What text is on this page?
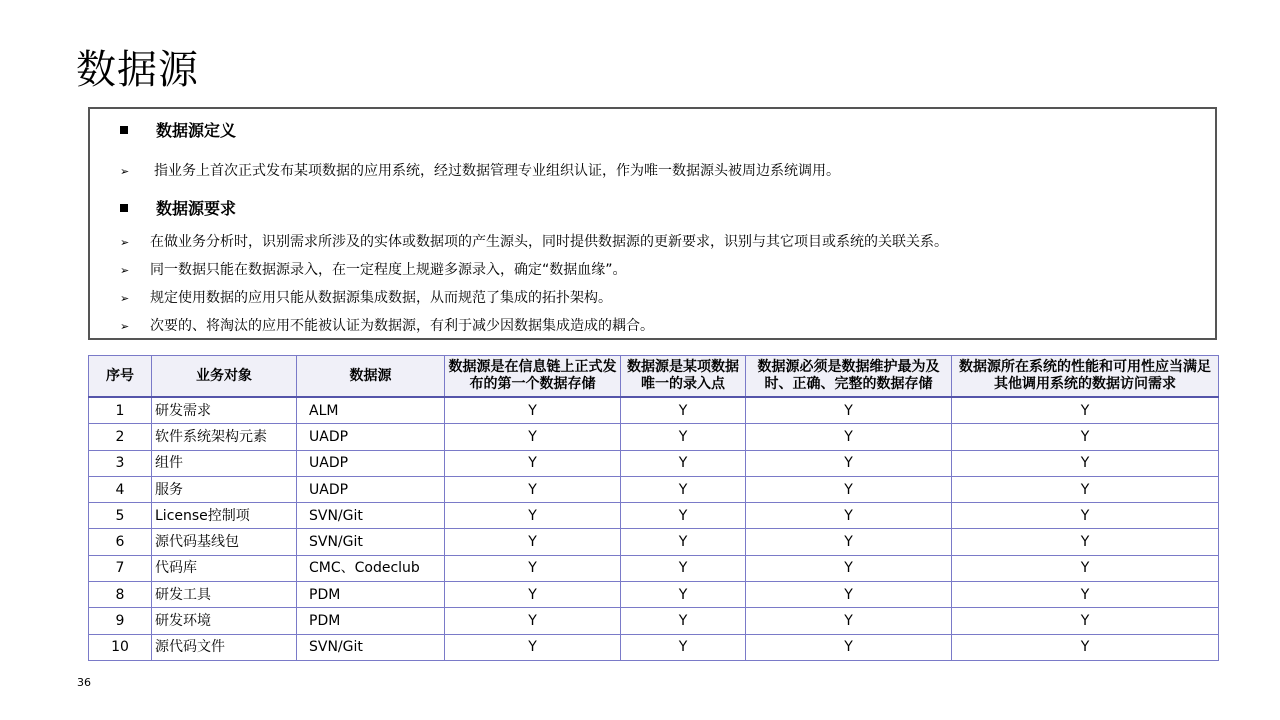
数据源
数据源定义
➢ 指业务上首次正式发布某项数据的应用系统，经过数据管理专业组织认证，作为唯一数据源头被周边系统调用。
数据源要求
➢ 在做业务分析时，识别需求所涉及的实体或数据项的产生源头，同时提供数据源的更新要求，识别与其它项目或系统的关联关系。
➢ 同一数据只能在数据源录入，在一定程度上规避多源录入，确定“数据血缘”。
➢ 规定使用数据的应用只能从数据源集成数据，从而规范了集成的拓扑架构。
➢ 次要的、将淘汰的应用不能被认证为数据源，有利于减少因数据集成造成的耦合。
序号	业务对象	数据源	数据源是在信息链上正式发布的第一个数据存储	数据源是某项数据唯一的录入点	数据源必须是数据维护最为及时、正确、完整的数据存储	数据源所在系统的性能和可用性应当满足其他调用系统的数据访问需求
1	研发需求	ALM	Y	Y	Y	Y
2	软件系统架构元素	UADP	Y	Y	Y	Y
3	组件	UADP	Y	Y	Y	Y
4	服务	UADP	Y	Y	Y	Y
5	License控制项	SVN/Git	Y	Y	Y	Y
6	源代码基线包	SVN/Git	Y	Y	Y	Y
7	代码库	CMC、Codeclub	Y	Y	Y	Y
8	研发工具	PDM	Y	Y	Y	Y
9	研发环境	PDM	Y	Y	Y	Y
10	源代码文件	SVN/Git	Y	Y	Y	Y
36
